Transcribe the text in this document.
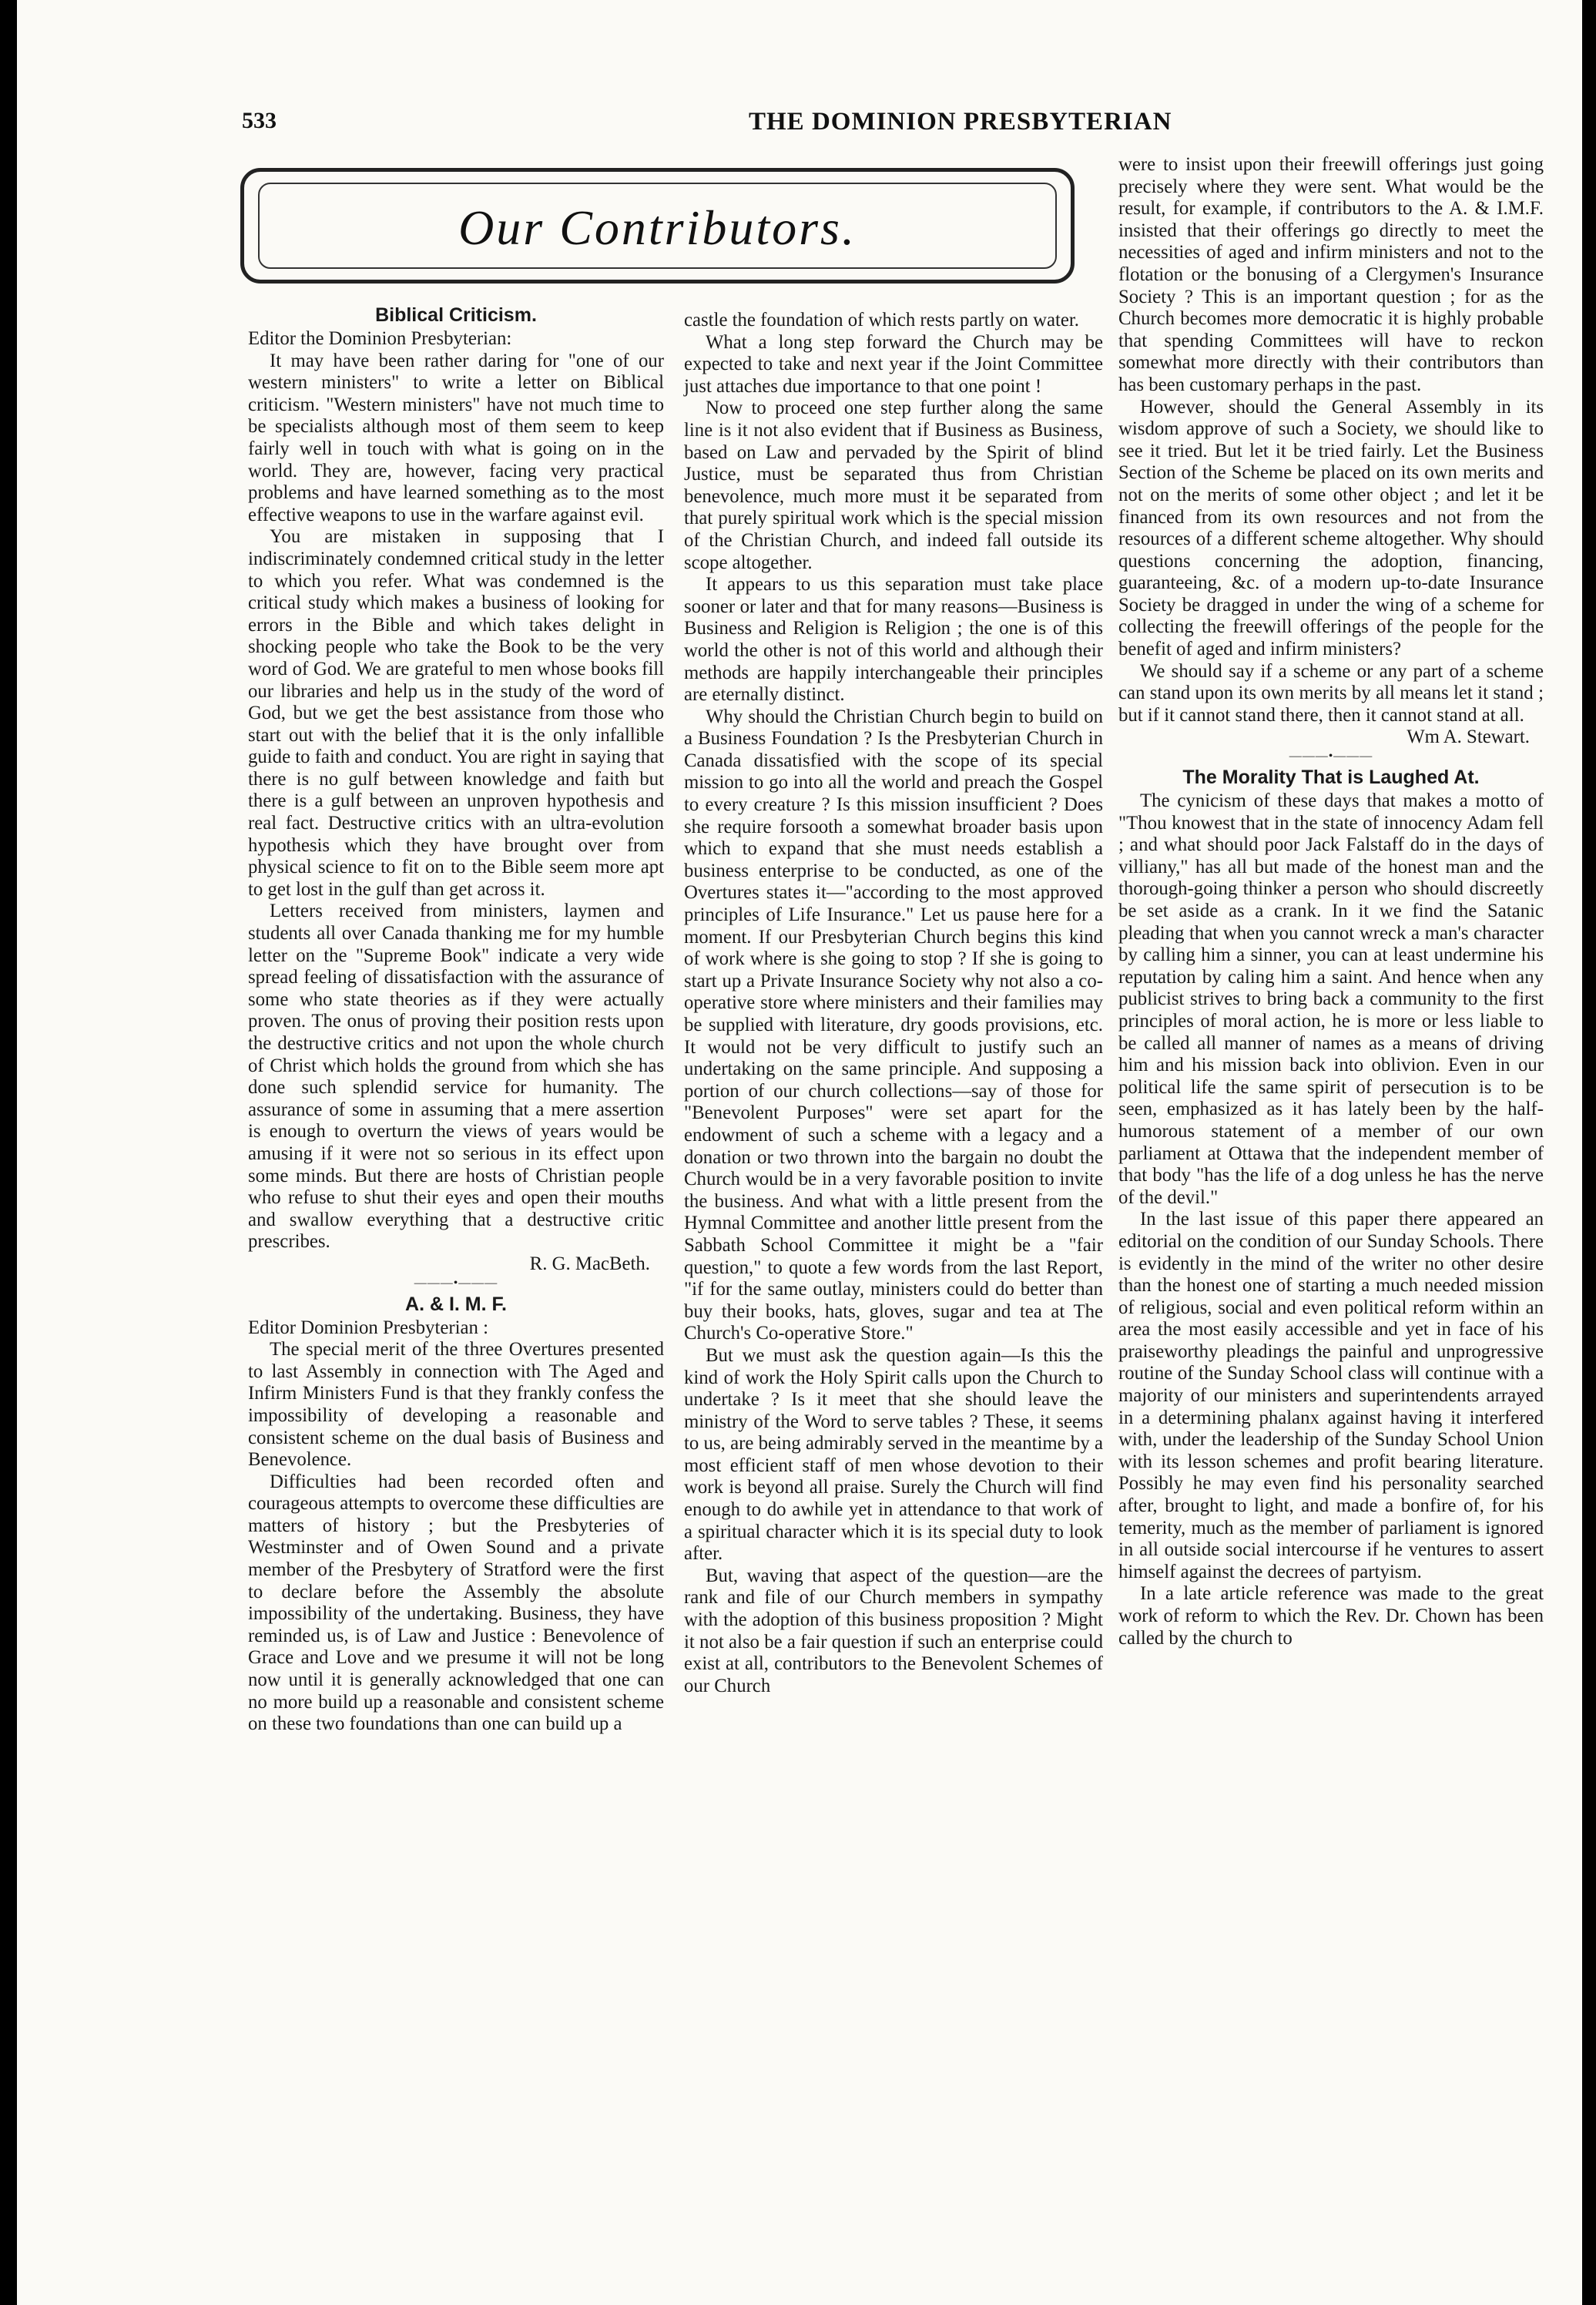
533	THE DOMINION PRESBYTERIAN
Our Contributors.
Biblical Criticism.

Editor the Dominion Presbyterian:

It may have been rather daring for "one of our western ministers" to write a letter on Biblical criticism. "Western ministers" have not much time to be specialists although most of them seem to keep fairly well in touch with what is going on in the world. They are, however, facing very practical problems and have learned something as to the most effective weapons to use in the warfare against evil.

You are mistaken in supposing that I indiscriminately condemned critical study in the letter to which you refer. What was condemned is the critical study which makes a business of looking for errors in the Bible and which takes delight in shocking people who take the Book to be the very word of God. We are grateful to men whose books fill our libraries and help us in the study of the word of God, but we get the best assistance from those who start out with the belief that it is the only infallible guide to faith and conduct. You are right in saying that there is no gulf between knowledge and faith but there is a gulf between an unproven hypothesis and real fact. Destructive critics with an ultra-evolution hypothesis which they have brought over from physical science to fit on to the Bible seem more apt to get lost in the gulf than get across it.

Letters received from ministers, laymen and students all over Canada thanking me for my humble letter on the "Supreme Book" indicate a very wide spread feeling of dissatisfaction with the assurance of some who state theories as if they were actually proven. The onus of proving their position rests upon the destructive critics and not upon the whole church of Christ which holds the ground from which she has done such splendid service for humanity. The assurance of some in assuming that a mere assertion is enough to overturn the views of years would be amusing if it were not so serious in its effect upon some minds. But there are hosts of Christian people who refuse to shut their eyes and open their mouths and swallow everything that a destructive critic prescribes.

R. G. MacBeth.

———•———
A. & I. M. F.

Editor Dominion Presbyterian :

The special merit of the three Overtures presented to last Assembly in connection with The Aged and Infirm Ministers Fund is that they frankly confess the impossibility of developing a reasonable and consistent scheme on the dual basis of Business and Benevolence.

Difficulties had been recorded often and courageous attempts to overcome these difficulties are matters of history ; but the Presbyteries of Westminster and of Owen Sound and a private member of the Presbytery of Stratford were the first to declare before the Assembly the absolute impossibility of the undertaking. Business, they have reminded us, is of Law and Justice : Benevolence of Grace and Love and we presume it will not be long now until it is generally acknowledged that one can no more build up a reasonable and consistent scheme on these two foundations than one can build up a

castle the foundation of which rests partly on water.

What a long step forward the Church may be expected to take and next year if the Joint Committee just attaches due importance to that one point !

Now to proceed one step further along the same line is it not also evident that if Business as Business, based on Law and pervaded by the Spirit of blind Justice, must be separated thus from Christian benevolence, much more must it be separated from that purely spiritual work which is the special mission of the Christian Church, and indeed fall outside its scope altogether.

It appears to us this separation must take place sooner or later and that for many reasons—Business is Business and Religion is Religion ; the one is of this world the other is not of this world and although their methods are happily interchangeable their principles are eternally distinct.

Why should the Christian Church begin to build on a Business Foundation ? Is the Presbyterian Church in Canada dissatisfied with the scope of its special mission to go into all the world and preach the Gospel to every creature ? Is this mission insufficient ? Does she require forsooth a somewhat broader basis upon which to expand that she must needs establish a business enterprise to be conducted, as one of the Overtures states it—"according to the most approved principles of Life Insurance." Let us pause here for a moment. If our Presbyterian Church begins this kind of work where is she going to stop ? If she is going to start up a Private Insurance Society why not also a co-operative store where ministers and their families may be supplied with literature, dry goods provisions, etc. It would not be very difficult to justify such an undertaking on the same principle. And supposing a portion of our church collections—say of those for "Benevolent Purposes" were set apart for the endowment of such a scheme with a legacy and a donation or two thrown into the bargain no doubt the Church would be in a very favorable position to invite the business. And what with a little present from the Hymnal Committee and another little present from the Sabbath School Committee it might be a "fair question," to quote a few words from the last Report, "if for the same outlay, ministers could do better than buy their books, hats, gloves, sugar and tea at The Church's Co-operative Store."

But we must ask the question again—Is this the kind of work the Holy Spirit calls upon the Church to undertake ? Is it meet that she should leave the ministry of the Word to serve tables ? These, it seems to us, are being admirably served in the meantime by a most efficient staff of men whose devotion to their work is beyond all praise. Surely the Church will find enough to do awhile yet in attendance to that work of a spiritual character which it is its special duty to look after.

But, waving that aspect of the question—are the rank and file of our Church members in sympathy with the adoption of this business proposition ? Might it not also be a fair question if such an enterprise could exist at all, contributors to the Benevolent Schemes of our Church

were to insist upon their freewill offerings just going precisely where they were sent. What would be the result, for example, if contributors to the A. & I.M.F. insisted that their offerings go directly to meet the necessities of aged and infirm ministers and not to the flotation or the bonusing of a Clergymen's Insurance Society ? This is an important question ; for as the Church becomes more democratic it is highly probable that spending Committees will have to reckon somewhat more directly with their contributors than has been customary perhaps in the past.

However, should the General Assembly in its wisdom approve of such a Society, we should like to see it tried. But let it be tried fairly. Let the Business Section of the Scheme be placed on its own merits and not on the merits of some other object ; and let it be financed from its own resources and not from the resources of a different scheme altogether. Why should questions concerning the adoption, financing, guaranteeing, &c. of a modern up-to-date Insurance Society be dragged in under the wing of a scheme for collecting the freewill offerings of the people for the benefit of aged and infirm ministers?

We should say if a scheme or any part of a scheme can stand upon its own merits by all means let it stand ; but if it cannot stand there, then it cannot stand at all.

Wm A. Stewart.

———•———
The Morality That is Laughed At.

The cynicism of these days that makes a motto of "Thou knowest that in the state of innocency Adam fell ; and what should poor Jack Falstaff do in the days of villiany," has all but made of the honest man and the thorough-going thinker a person who should discreetly be set aside as a crank. In it we find the Satanic pleading that when you cannot wreck a man's character by calling him a sinner, you can at least undermine his reputation by caling him a saint. And hence when any publicist strives to bring back a community to the first principles of moral action, he is more or less liable to be called all manner of names as a means of driving him and his mission back into oblivion. Even in our political life the same spirit of persecution is to be seen, emphasized as it has lately been by the half-humorous statement of a member of our own parliament at Ottawa that the independent member of that body "has the life of a dog unless he has the nerve of the devil."

In the last issue of this paper there appeared an editorial on the condition of our Sunday Schools. There is evidently in the mind of the writer no other desire than the honest one of starting a much needed mission of religious, social and even political reform within an area the most easily accessible and yet in face of his praiseworthy pleadings the painful and unprogressive routine of the Sunday School class will continue with a majority of our ministers and superintendents arrayed in a determining phalanx against having it interfered with, under the leadership of the Sunday School Union with its lesson schemes and profit bearing literature. Possibly he may even find his personality searched after, brought to light, and made a bonfire of, for his temerity, much as the member of parliament is ignored in all outside social intercourse if he ventures to assert himself against the decrees of partyism.

In a late article reference was made to the great work of reform to which the Rev. Dr. Chown has been called by the church to
